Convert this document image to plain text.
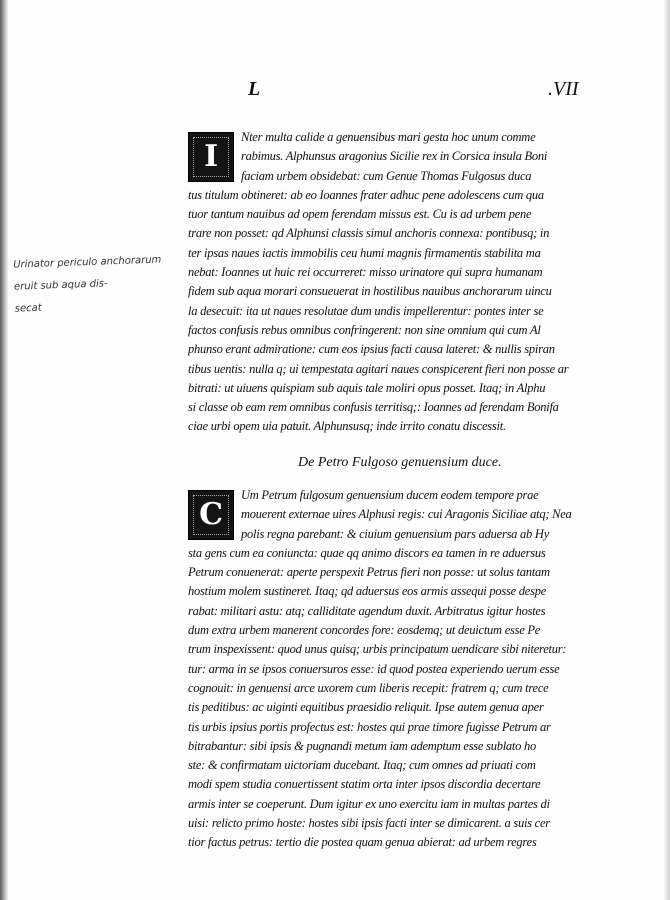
L	.VII
Urinator periculo anchorarum eruit sub aqua dis-
secat
I
Nter multa calide a genuensibus mari gesta hoc unum comme
rabimus. Alphunsus aragonius Sicilie rex in Corsica insula Boni
faciam urbem obsidebat: cum Genue Thomas Fulgosus duca
tus titulum obtineret: ab eo Ioannes frater adhuc pene adolescens cum qua
tuor tantum nauibus ad opem ferendam missus est. Cu is ad urbem pene
trare non posset: qd Alphunsi classis simul anchoris connexa: pontibusq; in
ter ipsas naues iactis immobilis ceu humi magnis firmamentis stabilita ma
nebat: Ioannes ut huic rei occurreret: misso urinatore qui supra humanam
fidem sub aqua morari consueuerat in hostilibus nauibus anchorarum uincu
la desecuit: ita ut naues resolutae dum undis impellerentur: pontes inter se
factos confusis rebus omnibus confringerent: non sine omnium qui cum Al
phunso erant admiratione: cum eos ipsius facti causa lateret: & nullis spiran
tibus uentis: nulla q; ui tempestata agitari naues conspicerent fieri non posse ar
bitrati: ut uiuens quispiam sub aquis tale moliri opus posset. Itaq; in Alphu
si classe ob eam rem omnibus confusis territisq;: Ioannes ad ferendam Bonifa
ciae urbi opem uia patuit. Alphunsusq; inde irrito conatu discessit.
De Petro Fulgoso genuensium duce.
C
Um Petrum fulgosum genuensium ducem eodem tempore prae
mouerent externae uires Alphusi regis: cui Aragonis Siciliae atq; Nea
polis regna parebant: & ciuium genuensium pars aduersa ab Hy
sta gens cum ea coniuncta: quae qq animo discors ea tamen in re aduersus
Petrum conuenerat: aperte perspexit Petrus fieri non posse: ut solus tantam
hostium molem sustineret. Itaq; qd aduersus eos armis assequi posse despe
rabat: militari astu: atq; calliditate agendum duxit. Arbitratus igitur hostes
dum extra urbem manerent concordes fore: eosdemq; ut deuictum esse Pe
trum inspexissent: quod unus quisq; urbis principatum uendicare sibi niteretur:
tur: arma in se ipsos conuersuros esse: id quod postea experiendo uerum esse
cognouit: in genuensi arce uxorem cum liberis recepit: fratrem q; cum trece
tis peditibus: ac uiginti equitibus praesidio reliquit. Ipse autem genua aper
tis urbis ipsius portis profectus est: hostes qui prae timore fugisse Petrum ar
bitrabantur: sibi ipsis & pugnandi metum iam ademptum esse sublato ho
ste: & confirmatam uictoriam ducebant. Itaq; cum omnes ad priuati com
modi spem studia conuertissent statim orta inter ipsos discordia decertare
armis inter se coeperunt. Dum igitur ex uno exercitu iam in multas partes di
uisi: relicto primo hoste: hostes sibi ipsis facti inter se dimicarent. a suis cer
tior factus petrus: tertio die postea quam genua abierat: ad urbem regres
